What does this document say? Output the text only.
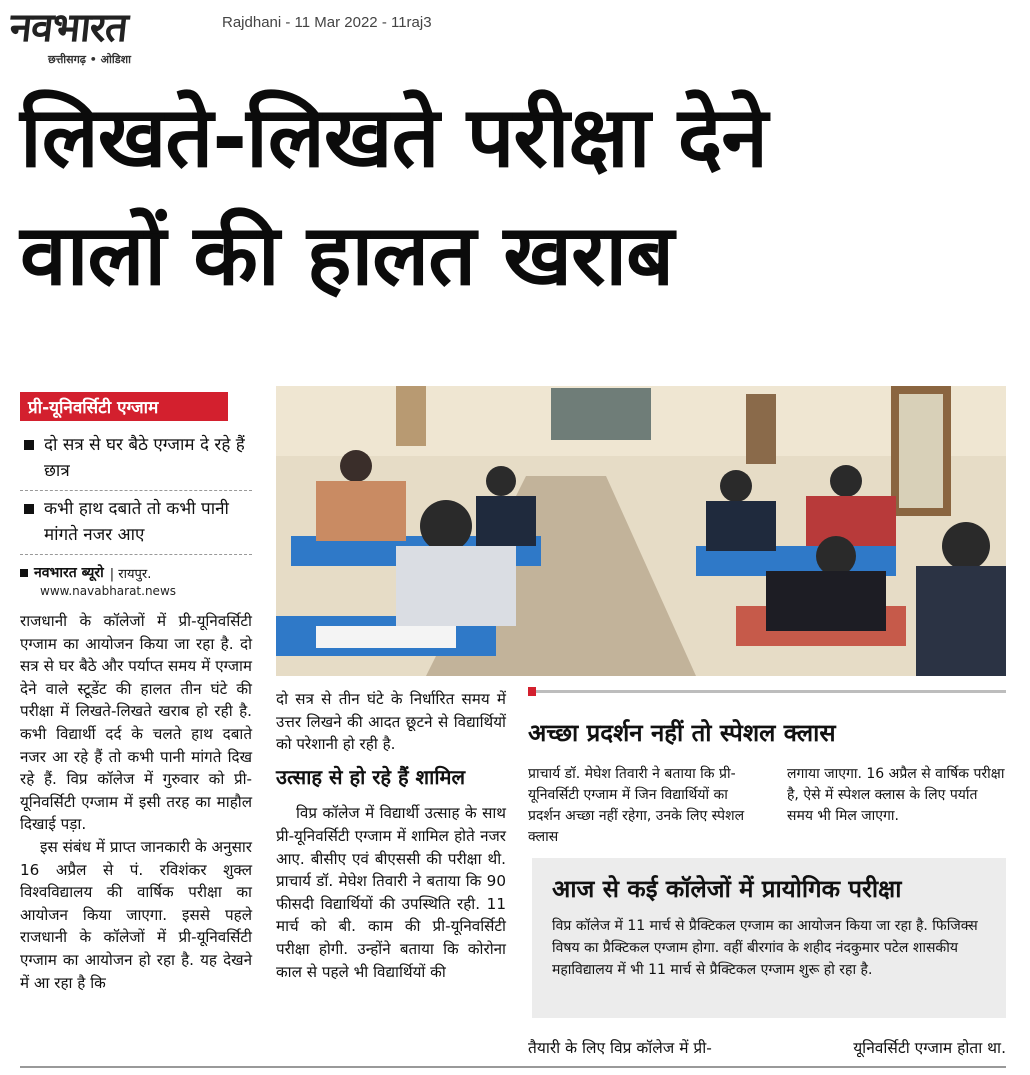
नवभारत
छत्तीसगढ़ • ओडिशा
Rajdhani - 11 Mar 2022 - 11raj3
लिखते-लिखते परीक्षा देने
वालों की हालत खराब
प्री-यूनिवर्सिटी एग्जाम
दो सत्र से घर बैठे एग्जाम दे रहे हैं छात्र
कभी हाथ दबाते तो कभी पानी मांगते नजर आए
नवभारत ब्यूरो | रायपुर.
www.navabharat.news

राजधानी के कॉलेजों में प्री-यूनिवर्सिटी एग्जाम का आयोजन किया जा रहा है. दो सत्र से घर बैठे और पर्याप्त समय में एग्जाम देने वाले स्टूडेंट की हालत तीन घंटे की परीक्षा में लिखते-लिखते खराब हो रही है. कभी विद्यार्थी दर्द के चलते हाथ दबाते नजर आ रहे हैं तो कभी पानी मांगते दिख रहे हैं. विप्र कॉलेज में गुरुवार को प्री- यूनिवर्सिटी एग्जाम में इसी तरह का माहौल दिखाई पड़ा.

इस संबंध में प्राप्त जानकारी के अनुसार 16 अप्रैल से पं. रविशंकर शुक्ल विश्वविद्यालय की वार्षिक परीक्षा का आयोजन किया जाएगा. इससे पहले राजधानी के कॉलेजों में प्री-यूनिवर्सिटी एग्जाम का आयोजन हो रहा है. यह देखने में आ रहा है कि

दो सत्र से तीन घंटे के निर्धारित समय में उत्तर लिखने की आदत छूटने से विद्यार्थियों को परेशानी हो रही है.

उत्साह से हो रहे हैं शामिल

विप्र कॉलेज में विद्यार्थी उत्साह के साथ प्री-यूनिवर्सिटी एग्जाम में शामिल होते नजर आए. बीसीए एवं बीएससी की परीक्षा थी. प्राचार्य डॉ. मेघेश तिवारी ने बताया कि 90 फीसदी विद्यार्थियों की उपस्थिति रही. 11 मार्च को बी. काम की प्री-यूनिवर्सिटी परीक्षा होगी. उन्होंने बताया कि कोरोना काल से पहले भी विद्यार्थियों की

अच्छा प्रदर्शन नहीं तो स्पेशल क्लास
प्राचार्य डॉ. मेघेश तिवारी ने बताया कि प्री-यूनिवर्सिटी एग्जाम में जिन विद्यार्थियों का प्रदर्शन अच्छा नहीं रहेगा, उनके लिए स्पेशल क्लास
लगाया जाएगा. 16 अप्रैल से वार्षिक परीक्षा है, ऐसे में स्पेशल क्लास के लिए पर्यात समय भी मिल जाएगा.
आज से कई कॉलेजों में प्रायोगिक परीक्षा
विप्र कॉलेज में 11 मार्च से प्रैक्टिकल एग्जाम का आयोजन किया जा रहा है. फिजिक्स विषय का प्रैक्टिकल एग्जाम होगा. वहीं बीरगांव के शहीद नंदकुमार पटेल शासकीय महाविद्यालय में भी 11 मार्च से प्रैक्टिकल एग्जाम शुरू हो रहा है.
तैयारी के लिए विप्र कॉलेज में प्री-	यूनिवर्सिटी एग्जाम होता था.
